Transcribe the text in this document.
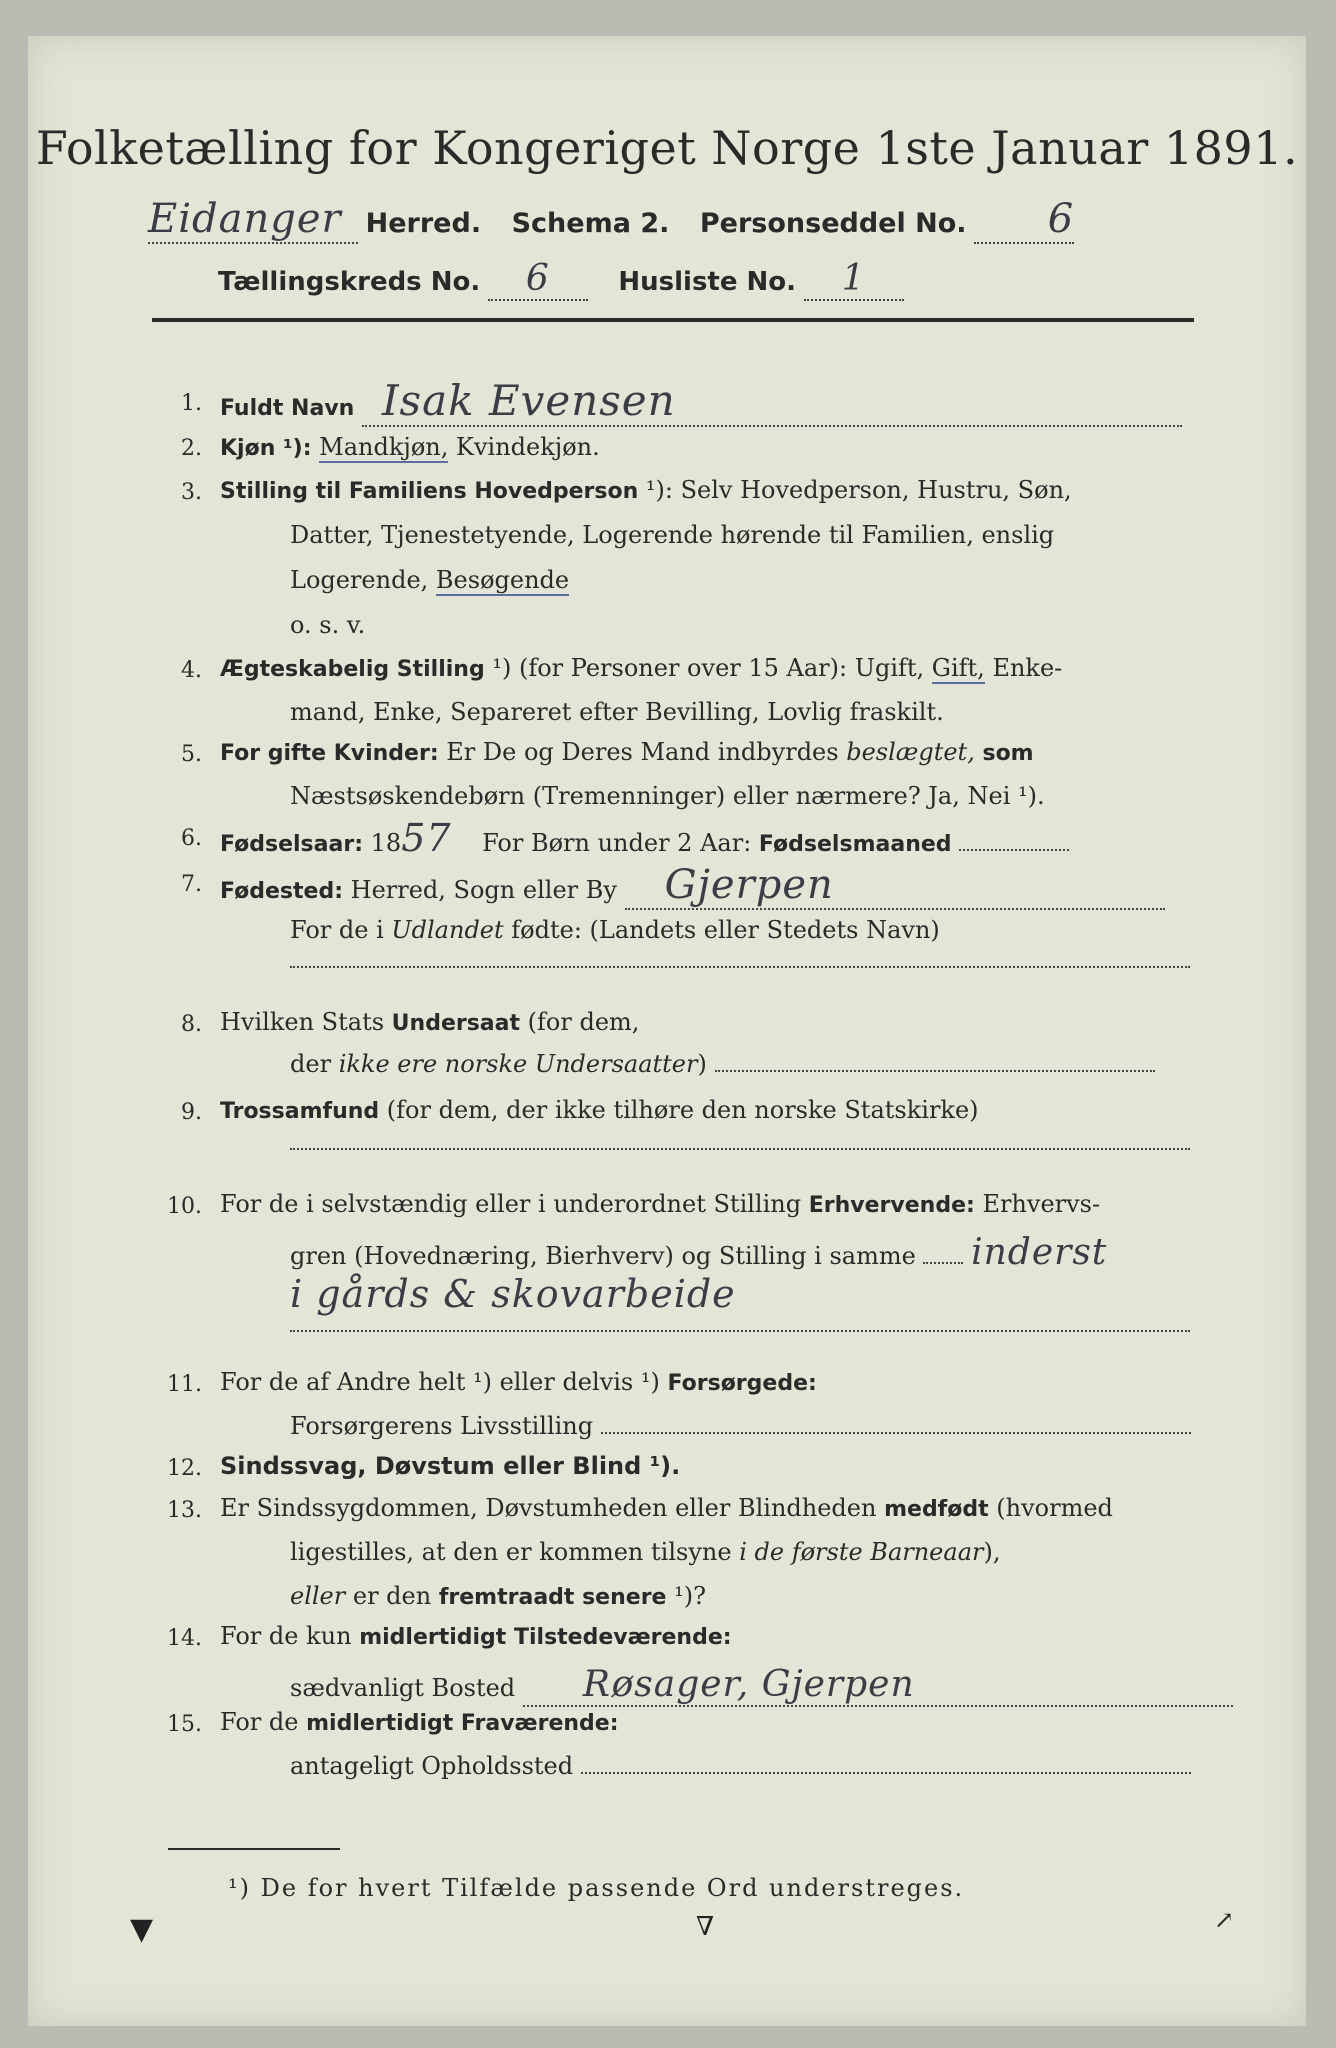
Folketælling for Kongeriget Norge 1ste Januar 1891.
Eidanger Herred. Schema 2. Personseddel No. 6
Tællingskreds No. 6	Husliste No. 1
1. Fuldt Navn Isak Evensen
2. Kjøn ¹): Mandkjøn, Kvindekjøn.
3. Stilling til Familiens Hovedperson ¹): Selv Hovedperson, Hustru, Søn,
Datter, Tjenestetyende, Logerende hørende til Familien, enslig
Logerende, Besøgende
o. s. v.
4. Ægteskabelig Stilling ¹) (for Personer over 15 Aar): Ugift, Gift, Enke-
mand, Enke, Separeret efter Bevilling, Lovlig fraskilt.
5. For gifte Kvinder: Er De og Deres Mand indbyrdes beslægtet, som
Næstsøskendebørn (Tremenninger) eller nærmere? Ja, Nei ¹).
6. Fødselsaar: 1857 For Børn under 2 Aar: Fødselsmaaned
7. Fødested: Herred, Sogn eller By Gjerpen
For de i Udlandet fødte: (Landets eller Stedets Navn)
8. Hvilken Stats Undersaat (for dem,
der ikke ere norske Undersaatter)
9. Trossamfund (for dem, der ikke tilhøre den norske Statskirke)
10. For de i selvstændig eller i underordnet Stilling Erhvervende: Erhvervs-
gren (Hovednæring, Bierhverv) og Stilling i samme inderst
i gårds & skovarbeide
11. For de af Andre helt ¹) eller delvis ¹) Forsørgede:
Forsørgerens Livsstilling
12. Sindssvag, Døvstum eller Blind ¹).
13. Er Sindssygdommen, Døvstumheden eller Blindheden medfødt (hvormed
ligestilles, at den er kommen tilsyne i de første Barneaar),
eller er den fremtraadt senere ¹)?
14. For de kun midlertidigt Tilstedeværende:
sædvanligt Bosted Røsager, Gjerpen
15. For de midlertidigt Fraværende:
antageligt Opholdssted
¹) De for hvert Tilfælde passende Ord understreges.
▼	∇	↗
